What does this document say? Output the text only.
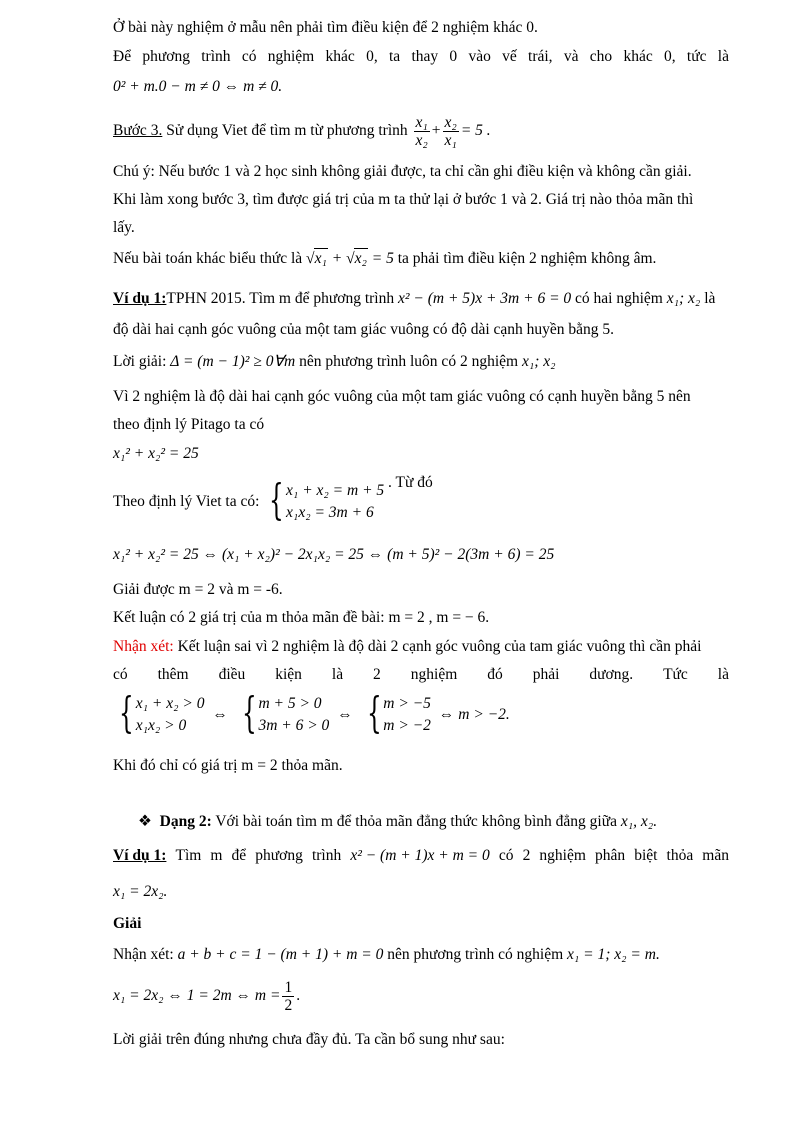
Ở bài này nghiệm ở mẫu nên phải tìm điều kiện để 2 nghiệm khác 0.
Để phương trình có nghiệm khác 0, ta thay 0 vào vế trái, và cho khác 0, tức là
0² + m.0 − m ≠ 0 ⇔ m ≠ 0.
Bước 3. Sử dụng Viet để tìm m từ phương trình $\frac{\text{x₁}}{\text{x₂}} + \frac{\text{x₂}}{\text{x₁}} = 5$ .
Chú ý: Nếu bước 1 và 2 học sinh không giải được, ta chỉ cần ghi điều kiện và không cần giải.
Khi làm xong bước 3, tìm được giá trị của m ta thử lại ở bước 1 và 2. Giá trị nào thỏa mãn thì
lấy.
Nếu bài toán khác biểu thức là √x₁ + √x₂ = 5 ta phải tìm điều kiện 2 nghiệm không âm.
Ví dụ 1:TPHN 2015. Tìm m để phương trình x² − (m + 5)x + 3m + 6 = 0 có hai nghiệm x₁; x₂ là
độ dài hai cạnh góc vuông của một tam giác vuông có độ dài cạnh huyền bằng 5.
Lời giải: Δ = (m − 1)² ≥ 0∀m nên phương trình luôn có 2 nghiệm x₁; x₂
Vì 2 nghiệm là độ dài hai cạnh góc vuông của một tam giác vuông có cạnh huyền bằng 5 nên
theo định lý Pitago ta có
x₁² + x₂² = 25
Theo định lý Viet ta có: { x₁ + x₂ = m + 5
x₁x₂ = 3m + 6
. Từ đó
x₁² + x₂² = 25 ⇔ (x₁ + x₂)² − 2x₁x₂ = 25 ⇔ (m + 5)² − 2(3m + 6) = 25
Giải được m = 2 và m = -6.
Kết luận có 2 giá trị của m thỏa mãn đề bài: m = 2 , m = − 6.
Nhận xét: Kết luận sai vì 2 nghiệm là độ dài 2 cạnh góc vuông của tam giác vuông thì cần phải
có thêm điều kiện là 2 nghiệm đó phải dương. Tức là
{ x₁ + x₂ > 0
x₁x₂ > 0
⇔ { m + 5 > 0
3m + 6 > 0
⇔ { m > −5
m > −2
⇔ m > −2.
Khi đó chỉ có giá trị m = 2 thỏa mãn.
❖ Dạng 2: Với bài toán tìm m để thỏa mãn đẳng thức không bình đẳng giữa x₁, x₂.
Ví dụ 1: Tìm m để phương trình x² − (m + 1)x + m = 0 có 2 nghiệm phân biệt thỏa mãn
x₁ = 2x₂.
Giải
Nhận xét: a + b + c = 1 − (m + 1) + m = 0 nên phương trình có nghiệm x₁ = 1; x₂ = m.
x₁ = 2x₂ ⇔ 1 = 2m ⇔ $m = \frac{1}{2}$ .
Lời giải trên đúng nhưng chưa đầy đủ. Ta cần bổ sung như sau:
